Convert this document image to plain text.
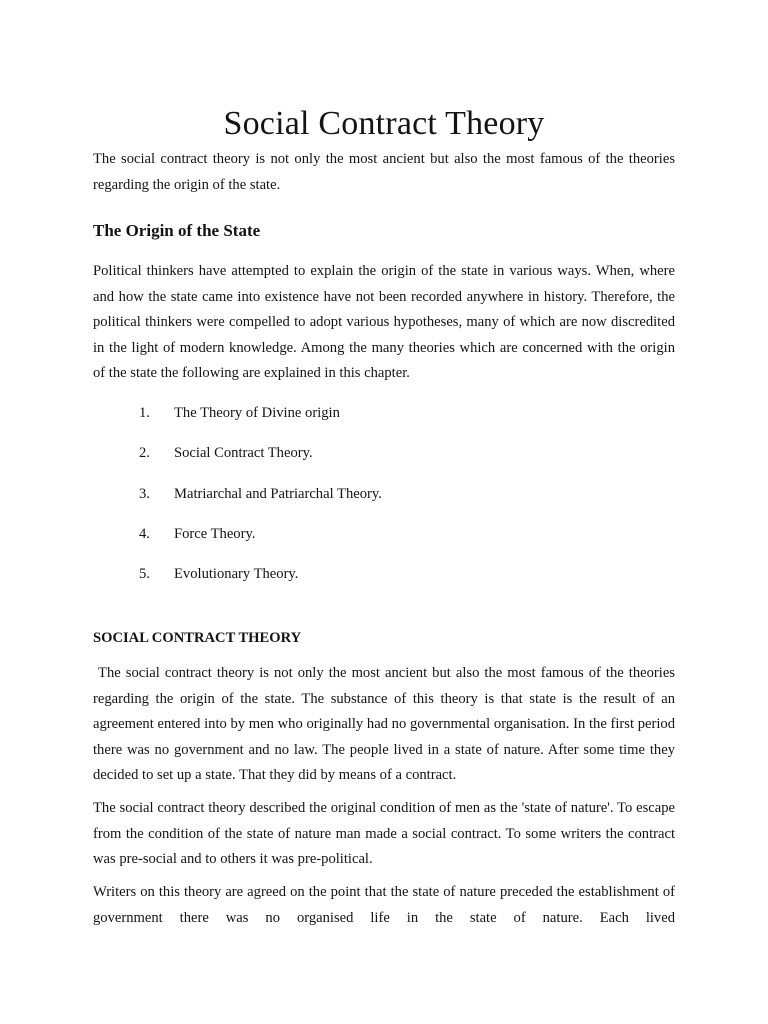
Social Contract Theory

The social contract theory is not only the most ancient but also the most famous of the theories regarding the origin of the state.

The Origin of the State

Political thinkers have attempted to explain the origin of the state in various ways. When, where and how the state came into existence have not been recorded anywhere in history. Therefore, the political thinkers were compelled to adopt various hypotheses, many of which are now discredited in the light of modern knowledge. Among the many theories which are concerned with the origin of the state the following are explained in this chapter.

1. The Theory of Divine origin
2. Social Contract Theory.
3. Matriarchal and Patriarchal Theory.
4. Force Theory.
5. Evolutionary Theory.
SOCIAL CONTRACT THEORY

The social contract theory is not only the most ancient but also the most famous of the theories regarding the origin of the state. The substance of this theory is that state is the result of an agreement entered into by men who originally had no governmental organisation. In the first period there was no government and no law. The people lived in a state of nature. After some time they decided to set up a state. That they did by means of a contract.

The social contract theory described the original condition of men as the 'state of nature'. To escape from the condition of the state of nature man made a social contract. To some writers the contract was pre-social and to others it was pre-political.

Writers on this theory are agreed on the point that the state of nature preceded the establishment of government there was no organised life in the state of nature. Each lived
